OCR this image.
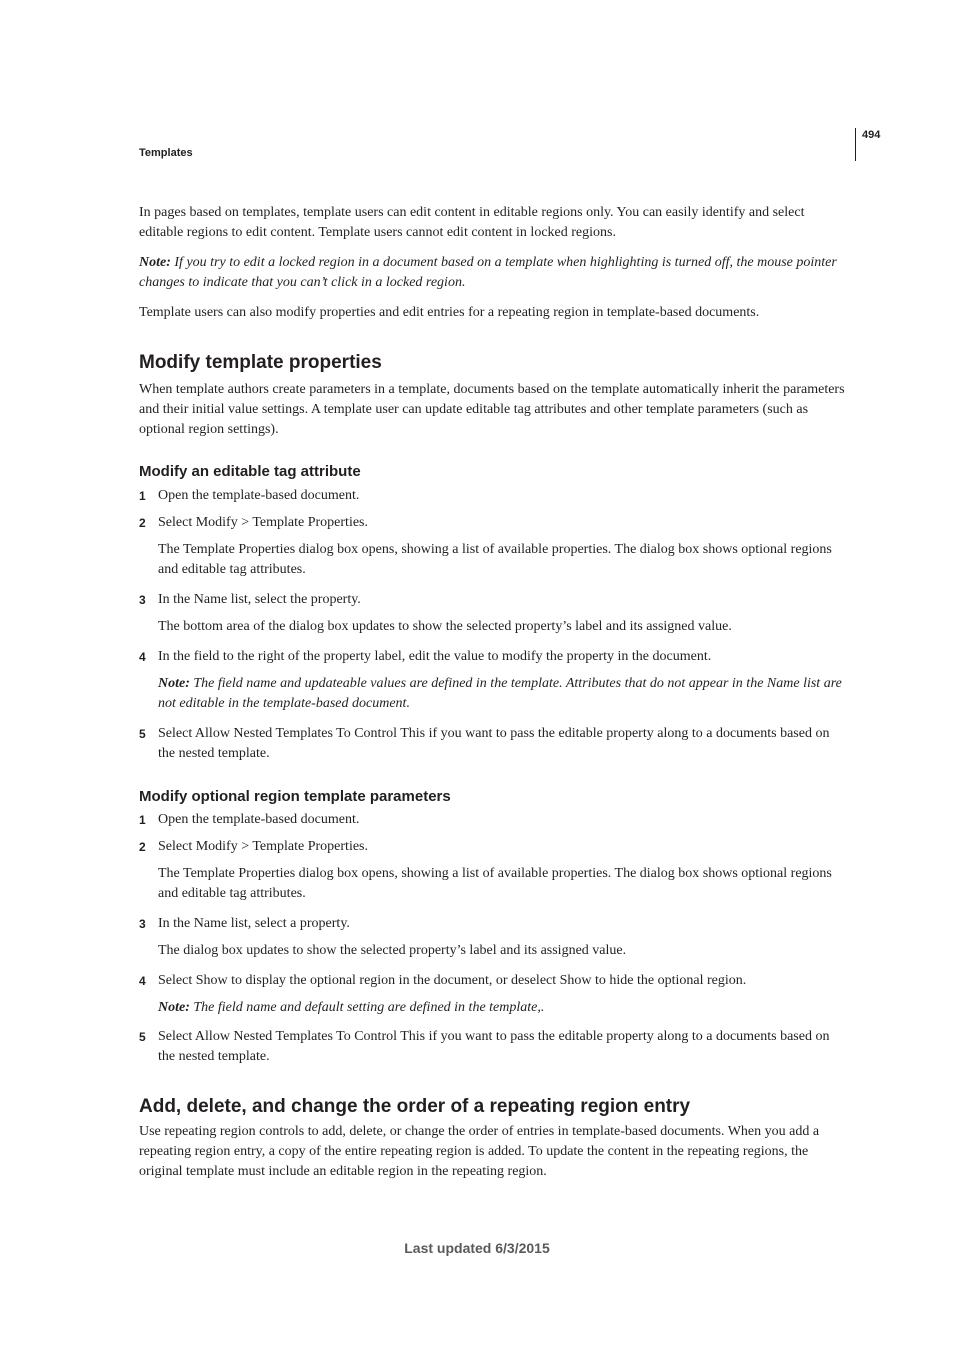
Templates
494

In pages based on templates, template users can edit content in editable regions only. You can easily identify and select editable regions to edit content. Template users cannot edit content in locked regions.

Note: If you try to edit a locked region in a document based on a template when highlighting is turned off, the mouse pointer changes to indicate that you can’t click in a locked region.

Template users can also modify properties and edit entries for a repeating region in template-based documents.

Modify template properties

When template authors create parameters in a template, documents based on the template automatically inherit the parameters and their initial value settings. A template user can update editable tag attributes and other template parameters (such as optional region settings).

Modify an editable tag attribute
1 Open the template-based document.

2 Select Modify > Template Properties.

The Template Properties dialog box opens, showing a list of available properties. The dialog box shows optional regions and editable tag attributes.

3 In the Name list, select the property.

The bottom area of the dialog box updates to show the selected property’s label and its assigned value.

4 In the field to the right of the property label, edit the value to modify the property in the document.

Note: The field name and updateable values are defined in the template. Attributes that do not appear in the Name list are not editable in the template-based document.

5 Select Allow Nested Templates To Control This if you want to pass the editable property along to a documents based on the nested template.

Modify optional region template parameters
1 Open the template-based document.

2 Select Modify > Template Properties.

The Template Properties dialog box opens, showing a list of available properties. The dialog box shows optional regions and editable tag attributes.

3 In the Name list, select a property.

The dialog box updates to show the selected property’s label and its assigned value.

4 Select Show to display the optional region in the document, or deselect Show to hide the optional region.

Note: The field name and default setting are defined in the template,.

5 Select Allow Nested Templates To Control This if you want to pass the editable property along to a documents based on the nested template.

Add, delete, and change the order of a repeating region entry

Use repeating region controls to add, delete, or change the order of entries in template-based documents. When you add a repeating region entry, a copy of the entire repeating region is added. To update the content in the repeating regions, the original template must include an editable region in the repeating region.

Last updated 6/3/2015
